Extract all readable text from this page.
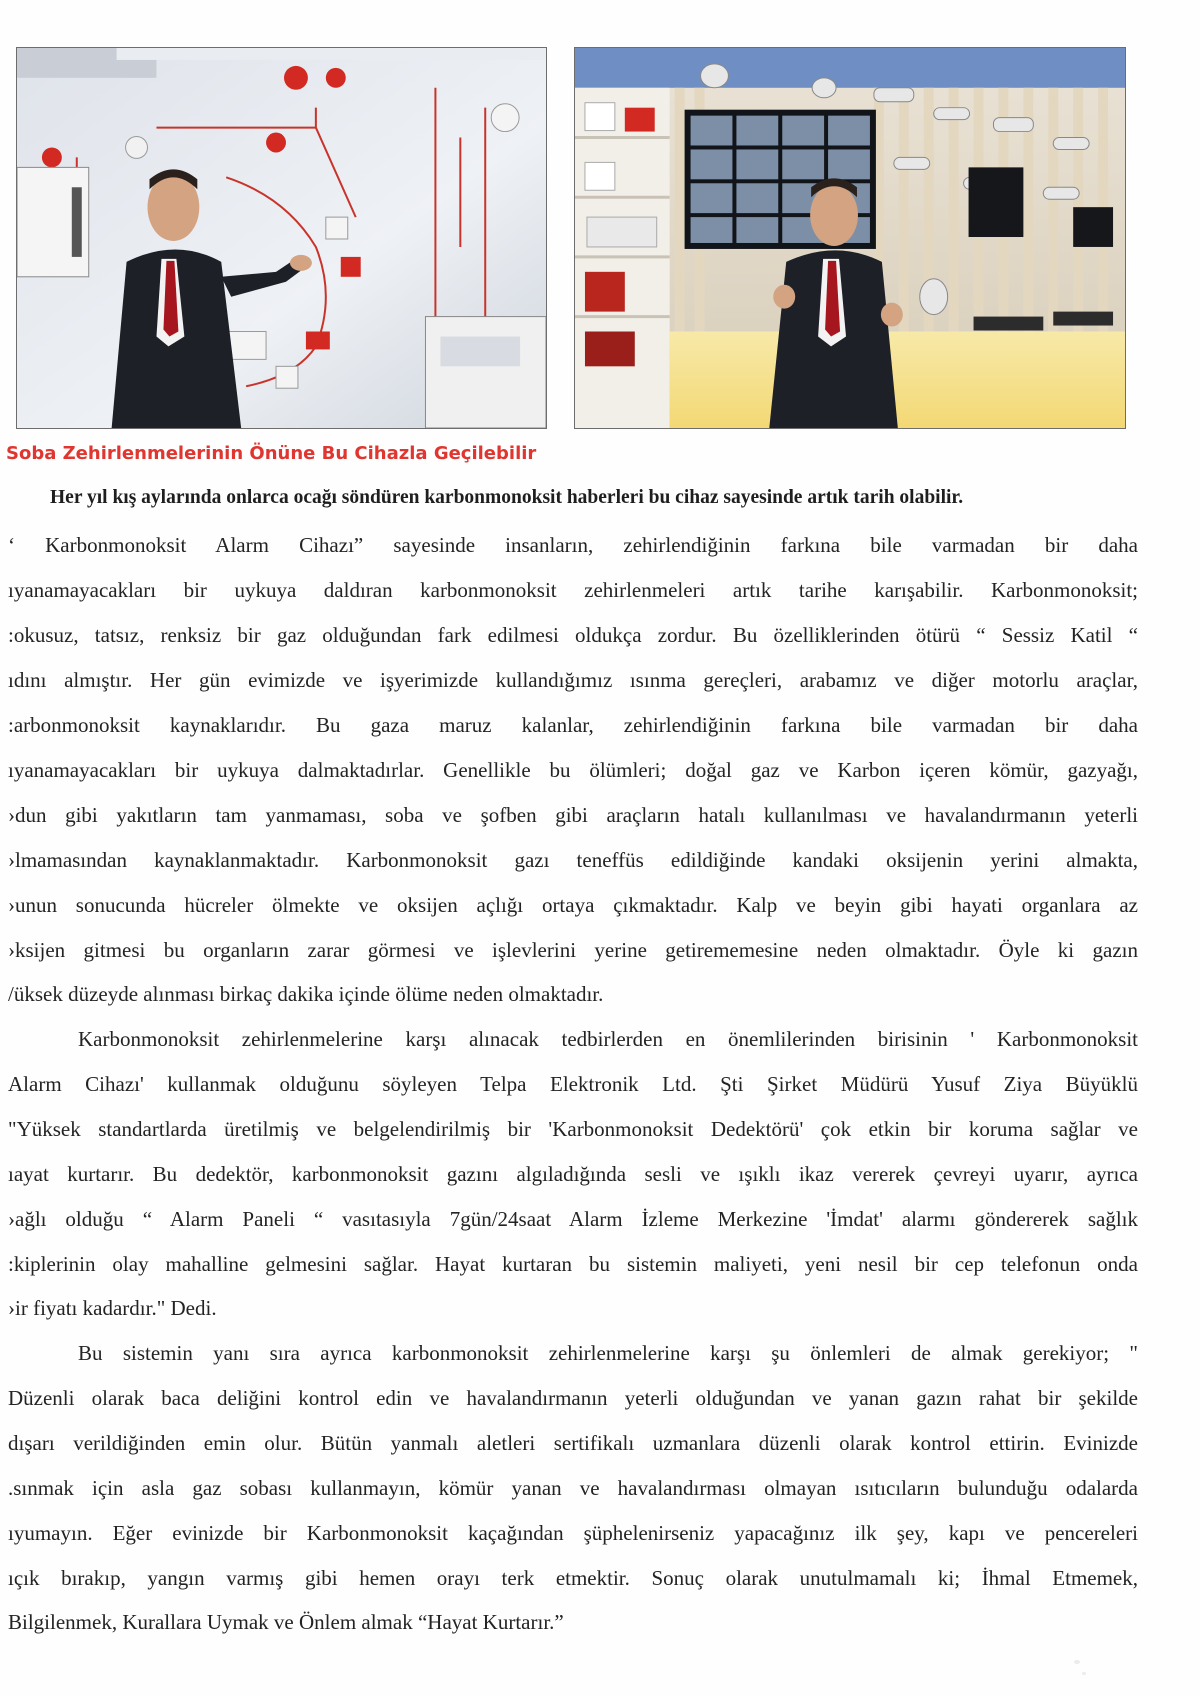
Soba Zehirlenmelerinin Önüne Bu Cihazla Geçilebilir
Her yıl kış aylarında onlarca ocağı söndüren karbonmonoksit haberleri bu cihaz sayesinde artık tarih olabilir.
‘ Karbonmonoksit Alarm Cihazı” sayesinde insanların, zehirlendiğinin farkına bile varmadan bir daha
ıyanamayacakları bir uykuya daldıran karbonmonoksit zehirlenmeleri artık tarihe karışabilir. Karbonmonoksit;
:okusuz, tatsız, renksiz bir gaz olduğundan fark edilmesi oldukça zordur. Bu özelliklerinden ötürü “ Sessiz Katil “
ıdını almıştır. Her gün evimizde ve işyerimizde kullandığımız ısınma gereçleri, arabamız ve diğer motorlu araçlar,
:arbonmonoksit kaynaklarıdır. Bu gaza maruz kalanlar, zehirlendiğinin farkına bile varmadan bir daha
ıyanamayacakları bir uykuya dalmaktadırlar. Genellikle bu ölümleri; doğal gaz ve Karbon içeren kömür, gazyağı,
›dun gibi yakıtların tam yanmaması, soba ve şofben gibi araçların hatalı kullanılması ve havalandırmanın yeterli
›lmamasından kaynaklanmaktadır. Karbonmonoksit gazı teneffüs edildiğinde kandaki oksijenin yerini almakta,
›unun sonucunda hücreler ölmekte ve oksijen açlığı ortaya çıkmaktadır. Kalp ve beyin gibi hayati organlara az
›ksijen gitmesi bu organların zarar görmesi ve işlevlerini yerine getirememesine neden olmaktadır. Öyle ki gazın
/üksek düzeyde alınması birkaç dakika içinde ölüme neden olmaktadır.
Karbonmonoksit zehirlenmelerine karşı alınacak tedbirlerden en önemlilerinden birisinin ' Karbonmonoksit
Alarm Cihazı' kullanmak olduğunu söyleyen Telpa Elektronik Ltd. Şti Şirket Müdürü Yusuf Ziya Büyüklü
"Yüksek standartlarda üretilmiş ve belgelendirilmiş bir 'Karbonmonoksit Dedektörü' çok etkin bir koruma sağlar ve
ıayat kurtarır. Bu dedektör, karbonmonoksit gazını algıladığında sesli ve ışıklı ikaz vererek çevreyi uyarır, ayrıca
›ağlı olduğu “ Alarm Paneli “ vasıtasıyla 7gün/24saat Alarm İzleme Merkezine 'İmdat' alarmı göndererek sağlık
:kiplerinin olay mahalline gelmesini sağlar. Hayat kurtaran bu sistemin maliyeti, yeni nesil bir cep telefonun onda
›ir fiyatı kadardır." Dedi.
Bu sistemin yanı sıra ayrıca karbonmonoksit zehirlenmelerine karşı şu önlemleri de almak gerekiyor; "
Düzenli olarak baca deliğini kontrol edin ve havalandırmanın yeterli olduğundan ve yanan gazın rahat bir şekilde
dışarı verildiğinden emin olur. Bütün yanmalı aletleri sertifikalı uzmanlara düzenli olarak kontrol ettirin. Evinizde
.sınmak için asla gaz sobası kullanmayın, kömür yanan ve havalandırması olmayan ısıtıcıların bulunduğu odalarda
ıyumayın. Eğer evinizde bir Karbonmonoksit kaçağından şüphelenirseniz yapacağınız ilk şey, kapı ve pencereleri
ıçık bırakıp, yangın varmış gibi hemen orayı terk etmektir. Sonuç olarak unutulmamalı ki; İhmal Etmemek,
Bilgilenmek, Kurallara Uymak ve Önlem almak “Hayat Kurtarır.”
